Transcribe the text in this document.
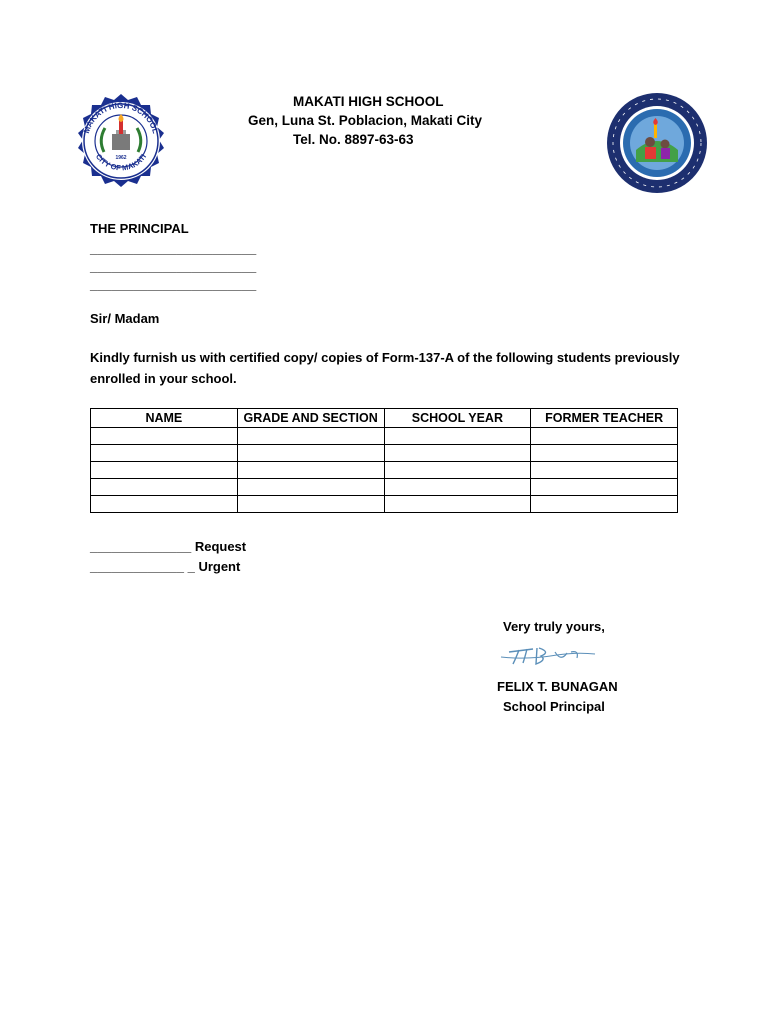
MAKATI HIGH SCHOOL
CITY OF MAKATI
1962
MAKATI HIGH SCHOOL
Gen, Luna St. Poblacion, Makati City
Tel. No. 8897-63-63
THE PRINCIPAL
_______________________
_______________________
_______________________
Sir/ Madam
Kindly furnish us with certified copy/ copies of Form-137-A of the following students previously
enrolled in your school.
NAME	GRADE AND SECTION	SCHOOL YEAR	FORMER TEACHER

______________ Request
_____________ _ Urgent
Very truly yours,
FELIX T. BUNAGAN
School Principal
